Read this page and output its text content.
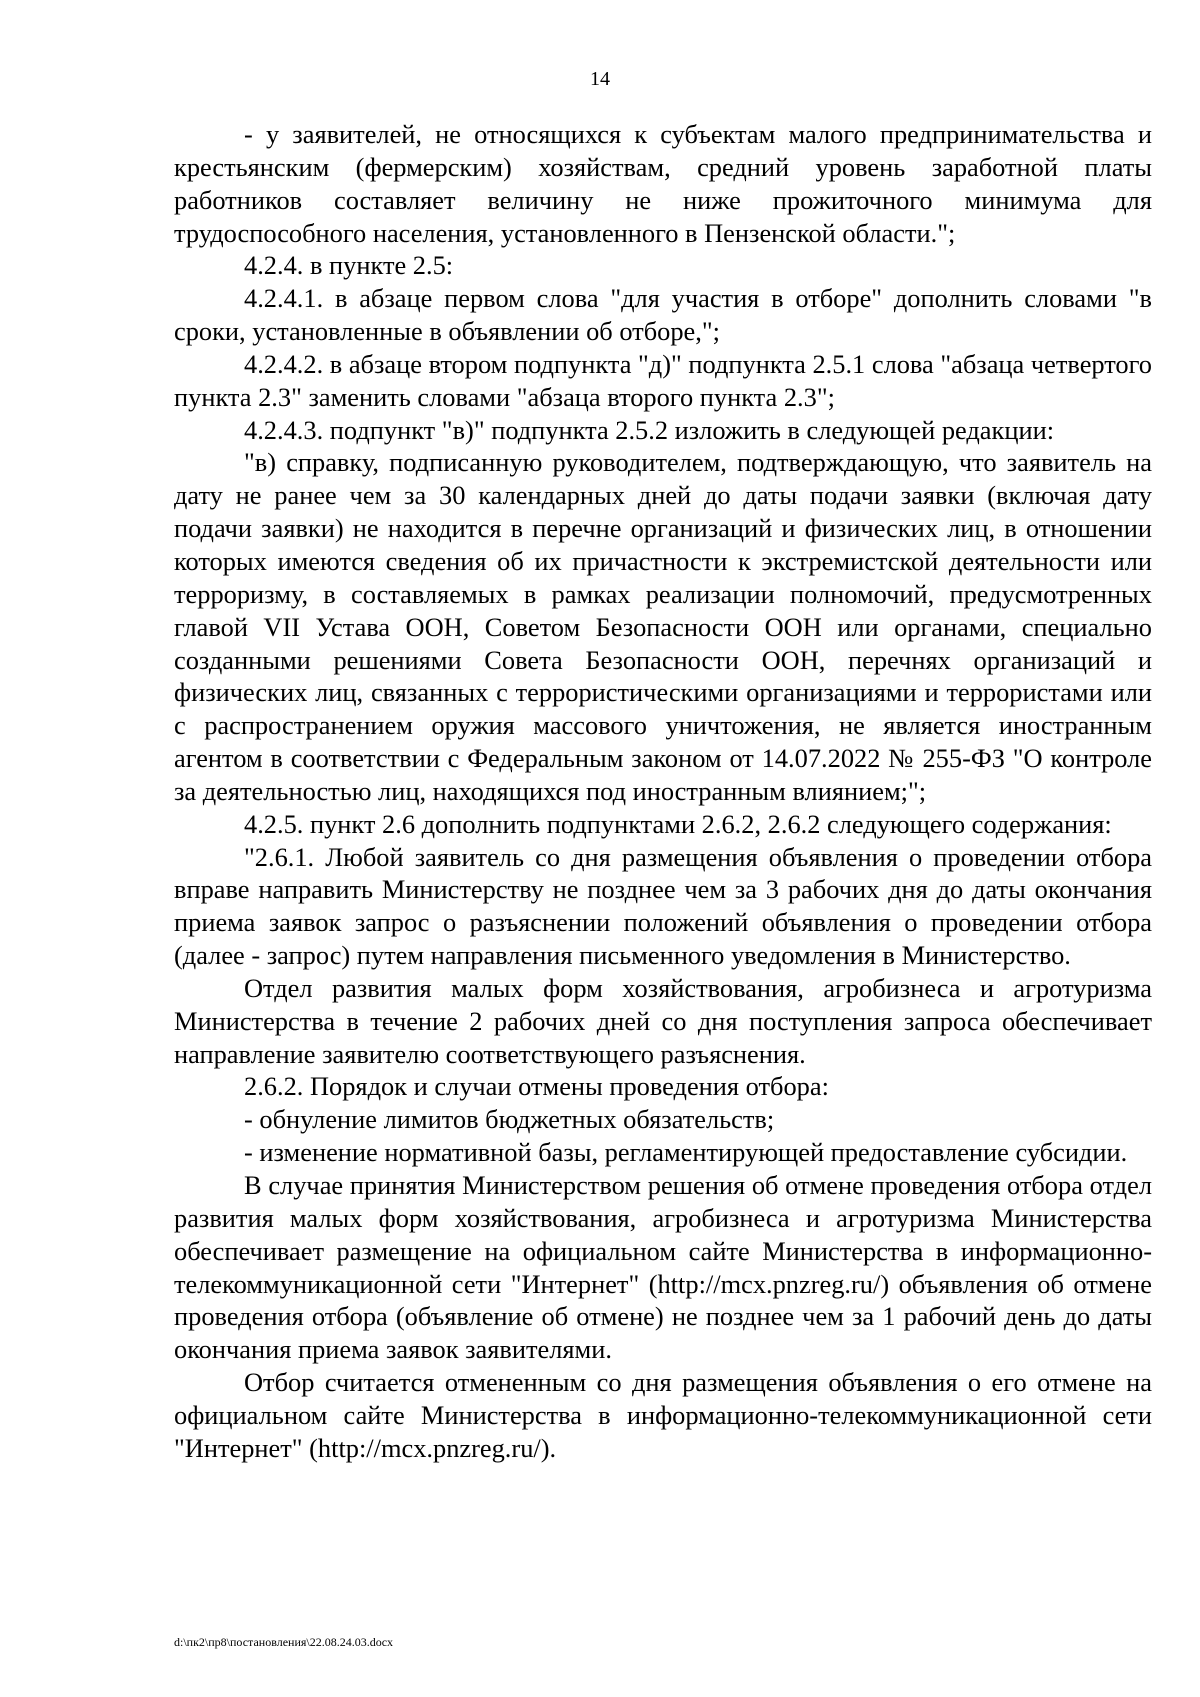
14

- у заявителей, не относящихся к субъектам малого предпринимательства и крестьянским (фермерским) хозяйствам, средний уровень заработной платы работников составляет величину не ниже прожиточного минимума для трудоспособного населения, установленного в Пензенской области.";

4.2.4. в пункте 2.5:

4.2.4.1. в абзаце первом слова "для участия в отборе" дополнить словами "в сроки, установленные в объявлении об отборе,";

4.2.4.2. в абзаце втором подпункта "д)" подпункта 2.5.1 слова "абзаца четвертого пункта 2.3" заменить словами "абзаца второго пункта 2.3";

4.2.4.3. подпункт "в)" подпункта 2.5.2 изложить в следующей редакции:

"в) справку, подписанную руководителем, подтверждающую, что заявитель на дату не ранее чем за 30 календарных дней до даты подачи заявки (включая дату подачи заявки) не находится в перечне организаций и физических лиц, в отношении которых имеются сведения об их причастности к экстремистской деятельности или терроризму, в составляемых в рамках реализации полномочий, предусмотренных главой VII Устава ООН, Советом Безопасности ООН или органами, специально созданными решениями Совета Безопасности ООН, перечнях организаций и физических лиц, связанных с террористическими организациями и террористами или с распространением оружия массового уничтожения, не является иностранным агентом в соответствии с Федеральным законом от 14.07.2022 № 255-ФЗ "О контроле за деятельностью лиц, находящихся под иностранным влиянием;";

4.2.5. пункт 2.6 дополнить подпунктами 2.6.2, 2.6.2 следующего содержания:

"2.6.1. Любой заявитель со дня размещения объявления о проведении отбора вправе направить Министерству не позднее чем за 3 рабочих дня до даты окончания приема заявок запрос о разъяснении положений объявления о проведении отбора (далее - запрос) путем направления письменного уведомления в Министерство.

Отдел развития малых форм хозяйствования, агробизнеса и агротуризма Министерства в течение 2 рабочих дней со дня поступления запроса обеспечивает направление заявителю соответствующего разъяснения.

2.6.2. Порядок и случаи отмены проведения отбора:

- обнуление лимитов бюджетных обязательств;

- изменение нормативной базы, регламентирующей предоставление субсидии.

В случае принятия Министерством решения об отмене проведения отбора отдел развития малых форм хозяйствования, агробизнеса и агротуризма Министерства обеспечивает размещение на официальном сайте Министерства в информационно-телекоммуникационной сети "Интернет" (http://mcx.pnzreg.ru/) объявления об отмене проведения отбора (объявление об отмене) не позднее чем за 1 рабочий день до даты окончания приема заявок заявителями.

Отбор считается отмененным со дня размещения объявления о его отмене на официальном сайте Министерства в информационно-телекоммуникационной сети "Интернет" (http://mcx.pnzreg.ru/).

d:\пк2\пр8\постановления\22.08.24.03.docx
